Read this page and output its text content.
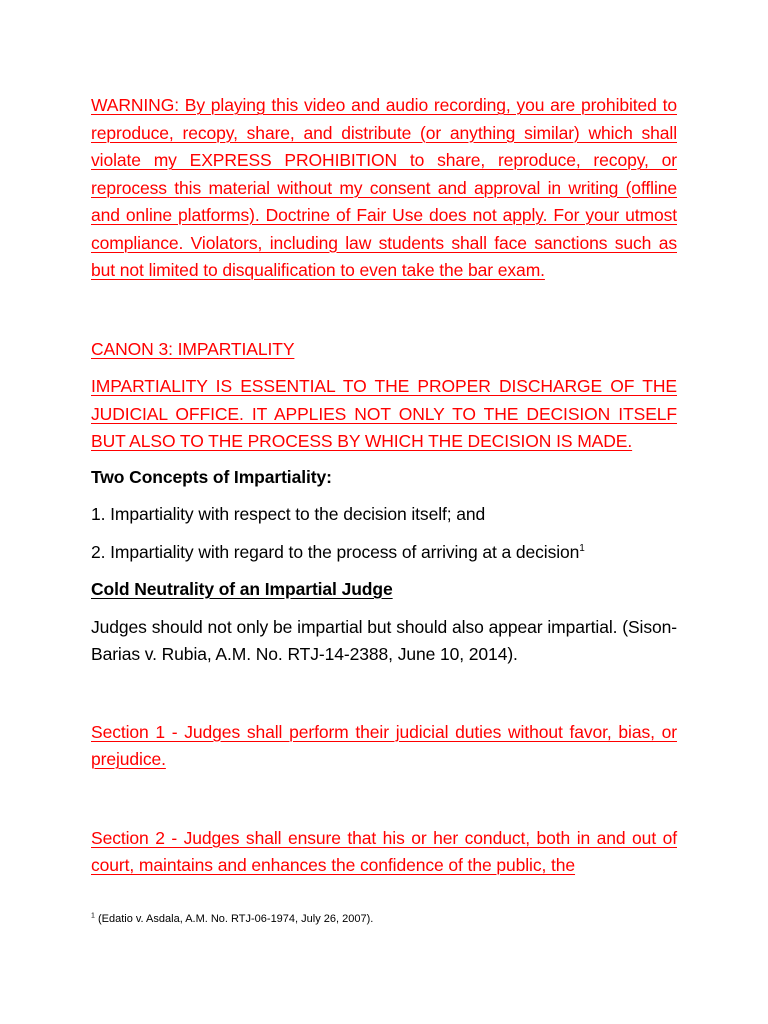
WARNING: By playing this video and audio recording, you are prohibited to reproduce, recopy, share, and distribute (or anything similar) which shall violate my EXPRESS PROHIBITION to share, reproduce, recopy, or reprocess this material without my consent and approval in writing (offline and online platforms). Doctrine of Fair Use does not apply. For your utmost compliance. Violators, including law students shall face sanctions such as but not limited to disqualification to even take the bar exam.

CANON 3: IMPARTIALITY

IMPARTIALITY IS ESSENTIAL TO THE PROPER DISCHARGE OF THE JUDICIAL OFFICE. IT APPLIES NOT ONLY TO THE DECISION ITSELF BUT ALSO TO THE PROCESS BY WHICH THE DECISION IS MADE.

Two Concepts of Impartiality:

1. Impartiality with respect to the decision itself; and

2. Impartiality with regard to the process of arriving at a decision$^1$

Cold Neutrality of an Impartial Judge

Judges should not only be impartial but should also appear impartial. (Sison-Barias v. Rubia, A.M. No. RTJ-14-2388, June 10, 2014).

Section 1 - Judges shall perform their judicial duties without favor, bias, or prejudice.

Section 2 - Judges shall ensure that his or her conduct, both in and out of court, maintains and enhances the confidence of the public, the

$^1$ (Edatio v. Asdala, A.M. No. RTJ-06-1974, July 26, 2007).
